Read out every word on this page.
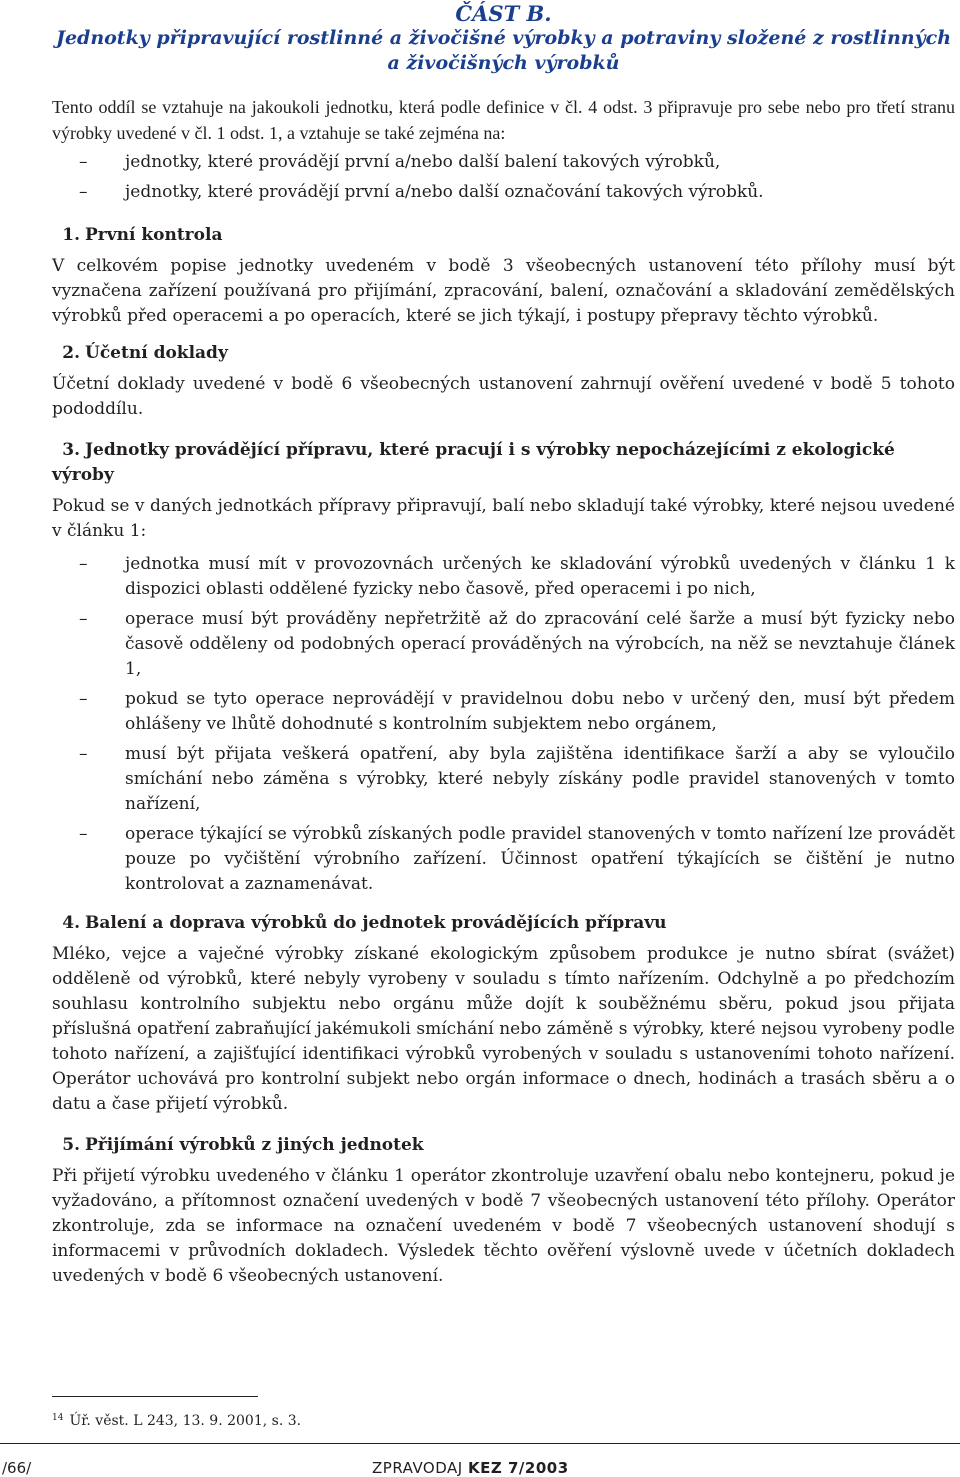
ČÁST B.
Jednotky připravující rostlinné a živočišné výrobky a potraviny složené z rostlinných
a živočišných výrobků

Tento oddíl se vztahuje na jakoukoli jednotku, která podle definice v čl. 4 odst. 3 připravuje pro sebe nebo pro třetí stranu výrobky uvedené v čl. 1 odst. 1, a vztahuje se také zejména na:

– jednotky, které provádějí první a/nebo další balení takových výrobků,
– jednotky, které provádějí první a/nebo další označování takových výrobků.
1. První kontrola

V celkovém popise jednotky uvedeném v bodě 3 všeobecných ustanovení této přílohy musí být vyznačena zařízení používaná pro přijímání, zpracování, balení, označování a skladování zemědělských výrobků před operacemi a po operacích, které se jich týkají, i postupy přepravy těchto výrobků.

2. Účetní doklady

Účetní doklady uvedené v bodě 6 všeobecných ustanovení zahrnují ověření uvedené v bodě 5 tohoto pododdílu.

3. Jednotky provádějící přípravu, které pracují i s výrobky nepocházejícími z ekologické výroby

Pokud se v daných jednotkách přípravy připravují, balí nebo skladují také výrobky, které nejsou uvedené v článku 1:

– jednotka musí mít v provozovnách určených ke skladování výrobků uvedených v článku 1 k dispozici oblasti oddělené fyzicky nebo časově, před operacemi i po nich,
– operace musí být prováděny nepřetržitě až do zpracování celé šarže a musí být fyzicky nebo časově odděleny od podobných operací prováděných na výrobcích, na něž se nevztahuje článek 1,
– pokud se tyto operace neprovádějí v pravidelnou dobu nebo v určený den, musí být předem ohlášeny ve lhůtě dohodnuté s kontrolním subjektem nebo orgánem,
– musí být přijata veškerá opatření, aby byla zajištěna identifikace šarží a aby se vyloučilo smíchání nebo záměna s výrobky, které nebyly získány podle pravidel stanovených v tomto nařízení,
– operace týkající se výrobků získaných podle pravidel stanovených v tomto nařízení lze provádět pouze po vyčištění výrobního zařízení. Účinnost opatření týkajících se čištění je nutno kontrolovat a zaznamenávat.
4. Balení a doprava výrobků do jednotek provádějících přípravu

Mléko, vejce a vaječné výrobky získané ekologickým způsobem produkce je nutno sbírat (svážet) odděleně od výrobků, které nebyly vyrobeny v souladu s tímto nařízením. Odchylně a po předchozím souhlasu kontrolního subjektu nebo orgánu může dojít k souběžnému sběru, pokud jsou přijata příslušná opatření zabraňující jakémukoli smíchání nebo záměně s výrobky, které nejsou vyrobeny podle tohoto nařízení, a zajišťující identifikaci výrobků vyrobených v souladu s ustanoveními tohoto nařízení. Operátor uchovává pro kontrolní subjekt nebo orgán informace o dnech, hodinách a trasách sběru a o datu a čase přijetí výrobků.

5. Přijímání výrobků z jiných jednotek

Při přijetí výrobku uvedeného v článku 1 operátor zkontroluje uzavření obalu nebo kontejneru, pokud je vyžadováno, a přítomnost označení uvedených v bodě 7 všeobecných ustanovení této přílohy. Operátor zkontroluje, zda se informace na označení uvedeném v bodě 7 všeobecných ustanovení shodují s informacemi v průvodních dokladech. Výsledek těchto ověření výslovně uvede v účetních dokladech uvedených v bodě 6 všeobecných ustanovení.

$^{14}$ Úř. věst. L 243, 13. 9. 2001, s. 3.
/66/	ZPRAVODAJ KEZ 7/2003
